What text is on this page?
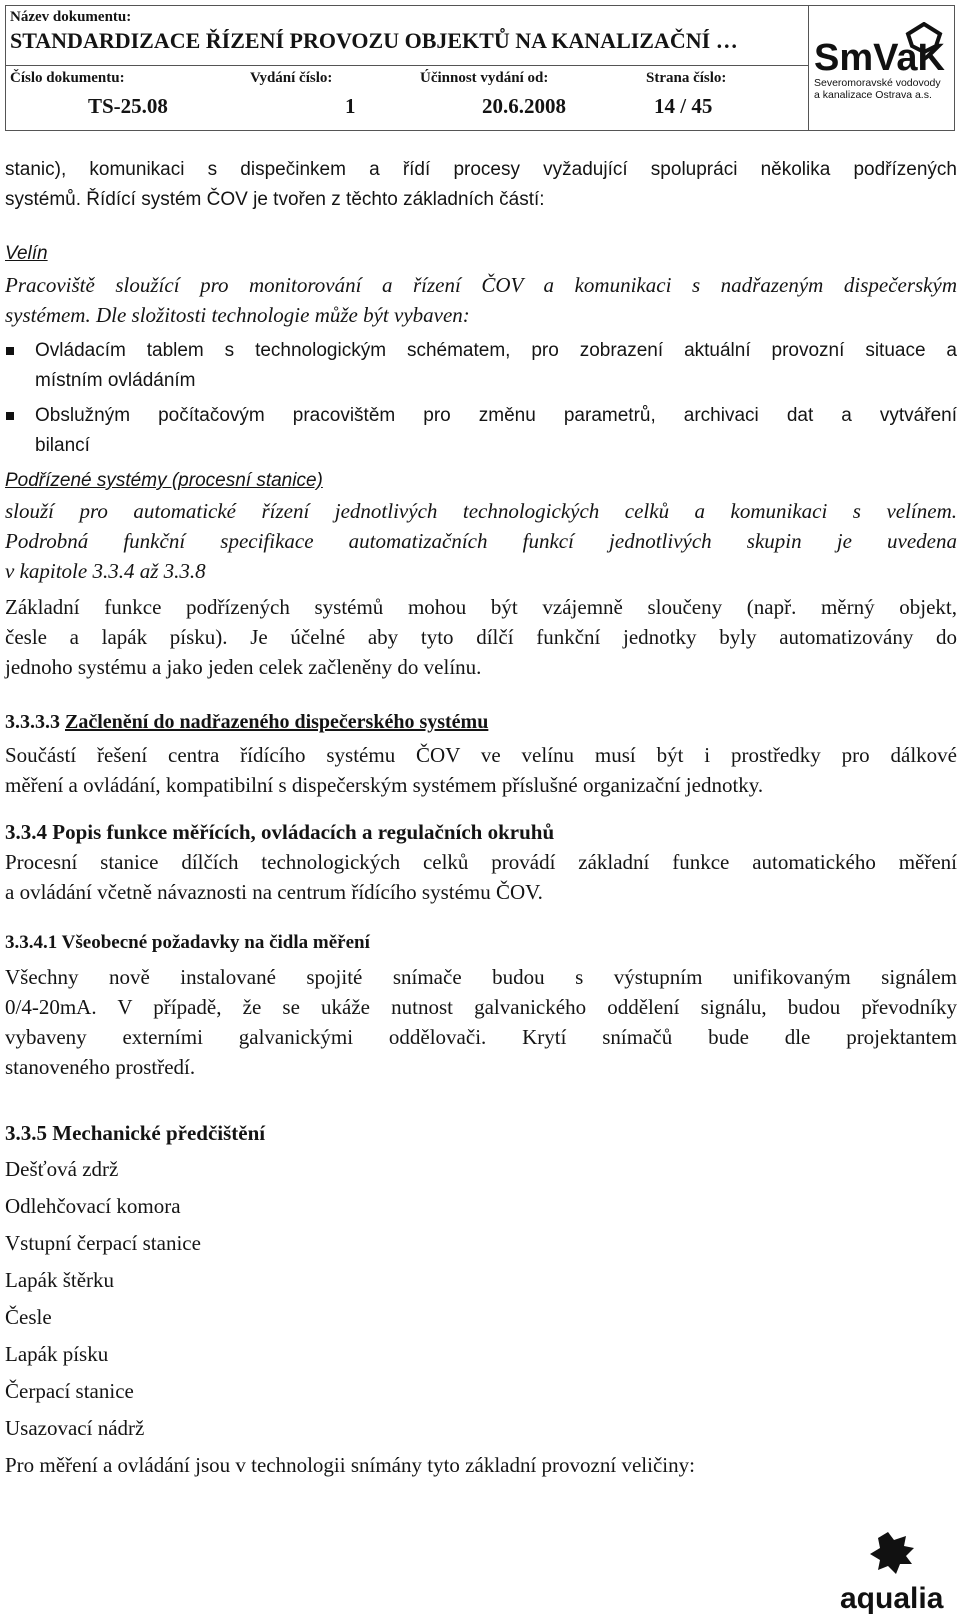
Název dokumentu:
STANDARDIZACE ŘÍZENÍ PROVOZU OBJEKTŮ NA KANALIZAČNÍ …
Číslo dokumentu:	Vydání číslo:	Účinnost vydání od:	Strana číslo:
TS-25.08	1	20.6.2008	14 / 45
SmVaK
Severomoravské vodovody
a kanalizace Ostrava a.s.
stanic), komunikaci s dispečinkem a řídí procesy vyžadující spolupráci několika podřízených
systémů. Řídící systém ČOV je tvořen z těchto základních částí:
Velín
Pracoviště sloužící pro monitorování a řízení ČOV a komunikaci s nadřazeným dispečerským
systémem. Dle složitosti technologie může být vybaven:
Ovládacím tablem s technologickým schématem, pro zobrazení aktuální provozní situace a
místním ovládáním
Obslužným počítačovým pracovištěm pro změnu parametrů, archivaci dat a vytváření
bilancí
Podřízené systémy (procesní stanice)
slouží pro automatické řízení jednotlivých technologických celků a komunikaci s velínem.
Podrobná funkční specifikace automatizačních funkcí jednotlivých skupin je uvedena
v kapitole 3.3.4 až 3.3.8
Základní funkce podřízených systémů mohou být vzájemně sloučeny (např. měrný objekt,
česle a lapák písku). Je účelné aby tyto dílčí funkční jednotky byly automatizovány do
jednoho systému a jako jeden celek začleněny do velínu.
3.3.3.3 Začlenění do nadřazeného dispečerského systému
Součástí řešení centra řídícího systému ČOV ve velínu musí být i prostředky pro dálkové
měření a ovládání, kompatibilní s dispečerským systémem příslušné organizační jednotky.
3.3.4 Popis funkce měřících, ovládacích a regulačních okruhů
Procesní stanice dílčích technologických celků provádí základní funkce automatického měření
a ovládání včetně návaznosti na centrum řídícího systému ČOV.
3.3.4.1 Všeobecné požadavky na čidla měření
Všechny nově instalované spojité snímače budou s výstupním unifikovaným signálem
0/4-20mA. V případě, že se ukáže nutnost galvanického oddělení signálu, budou převodníky
vybaveny externími galvanickými oddělovači. Krytí snímačů bude dle projektantem
stanoveného prostředí.
3.3.5 Mechanické předčištění
Dešťová zdrž
Odlehčovací komora
Vstupní čerpací stanice
Lapák štěrku
Česle
Lapák písku
Čerpací stanice
Usazovací nádrž
Pro měření a ovládání jsou v technologii snímány tyto základní provozní veličiny:
aqualia
